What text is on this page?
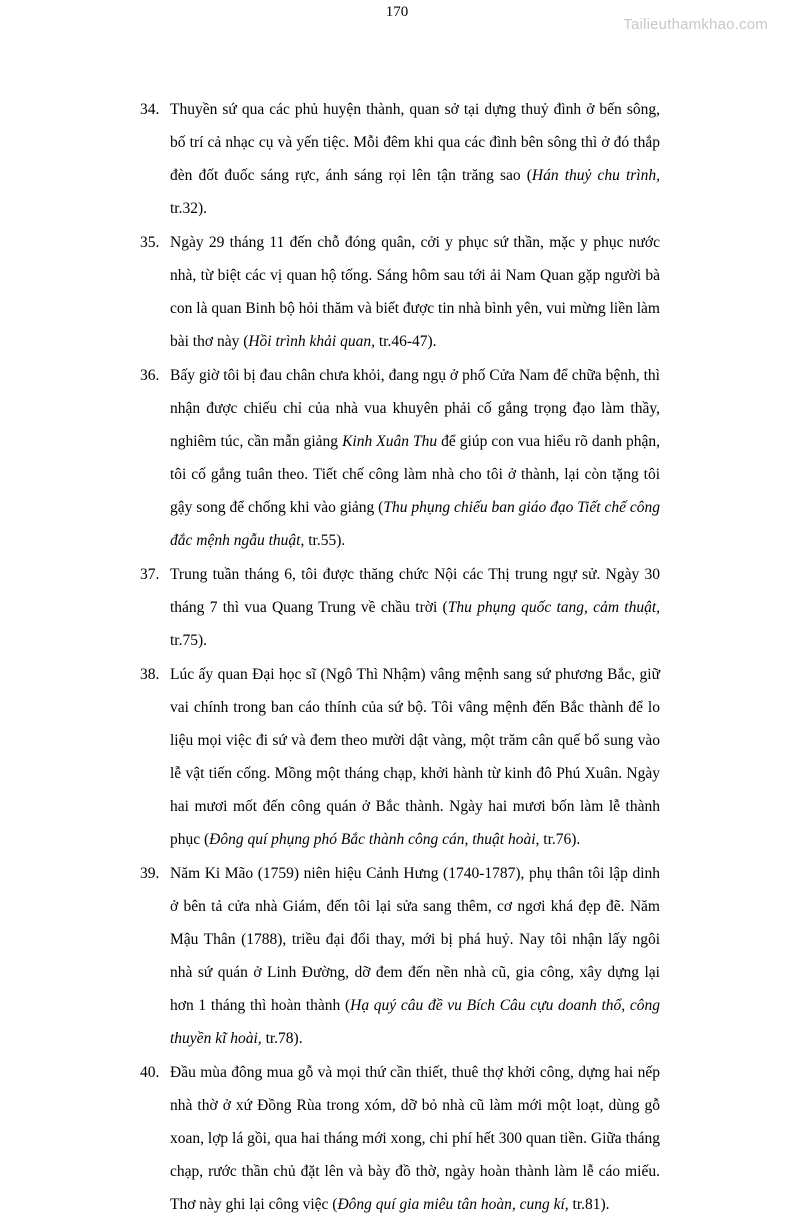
170
Tailieuthamkhao.com
34. Thuyền sứ qua các phủ huyện thành, quan sở tại dựng thuỷ đình ở bến sông, bố trí cả nhạc cụ và yến tiệc. Mỗi đêm khi qua các đình bên sông thì ở đó thắp đèn đốt đuốc sáng rực, ánh sáng rọi lên tận trăng sao (Hán thuỷ chu trình, tr.32).
35. Ngày 29 tháng 11 đến chỗ đóng quân, cởi y phục sứ thần, mặc y phục nước nhà, từ biệt các vị quan hộ tống. Sáng hôm sau tới ải Nam Quan gặp người bà con là quan Binh bộ hỏi thăm và biết được tin nhà bình yên, vui mừng liền làm bài thơ này (Hồi trình khải quan, tr.46-47).
36. Bấy giờ tôi bị đau chân chưa khỏi, đang ngụ ở phố Cửa Nam để chữa bệnh, thì nhận được chiếu chỉ của nhà vua khuyên phải cố gắng trọng đạo làm thầy, nghiêm túc, cần mẫn giảng Kinh Xuân Thu để giúp con vua hiểu rõ danh phận, tôi cố gắng tuân theo. Tiết chế công làm nhà cho tôi ở thành, lại còn tặng tôi gậy song để chống khi vào giảng (Thu phụng chiếu ban giáo đạo Tiết chế công đắc mệnh ngẫu thuật, tr.55).
37. Trung tuần tháng 6, tôi được thăng chức Nội các Thị trung ngự sử. Ngày 30 tháng 7 thì vua Quang Trung về chầu trời (Thu phụng quốc tang, cảm thuật, tr.75).
38. Lúc ấy quan Đại học sĩ (Ngô Thì Nhậm) vâng mệnh sang sứ phương Bắc, giữ vai chính trong ban cáo thính của sứ bộ. Tôi vâng mệnh đến Bắc thành để lo liệu mọi việc đi sứ và đem theo mười dật vàng, một trăm cân quế bổ sung vào lễ vật tiến cống. Mồng một tháng chạp, khởi hành từ kinh đô Phú Xuân. Ngày hai mươi mốt đến công quán ở Bắc thành. Ngày hai mươi bốn làm lễ thành phục (Đông quí phụng phó Bắc thành công cán, thuật hoài, tr.76).
39. Năm Ki Mão (1759) niên hiệu Cảnh Hưng (1740-1787), phụ thân tôi lập dinh ở bên tả cửa nhà Giám, đến tôi lại sửa sang thêm, cơ ngơi khá đẹp đẽ. Năm Mậu Thân (1788), triều đại đổi thay, mới bị phá huỷ. Nay tôi nhận lấy ngôi nhà sứ quán ở Linh Đường, dỡ đem đến nền nhà cũ, gia công, xây dựng lại hơn 1 tháng thì hoàn thành (Hạ quý câu đề vu Bích Câu cựu doanh thổ, công thuyền kĩ hoài, tr.78).
40. Đầu mùa đông mua gỗ và mọi thứ cần thiết, thuê thợ khởi công, dựng hai nếp nhà thờ ở xứ Đồng Rùa trong xóm, dỡ bỏ nhà cũ làm mới một loạt, dùng gỗ xoan, lợp lá gồi, qua hai tháng mới xong, chi phí hết 300 quan tiền. Giữa tháng chạp, rước thần chủ đặt lên và bày đồ thờ, ngày hoàn thành làm lễ cáo miếu. Thơ này ghi lại công việc (Đông quí gia miêu tân hoàn, cung kí, tr.81).
